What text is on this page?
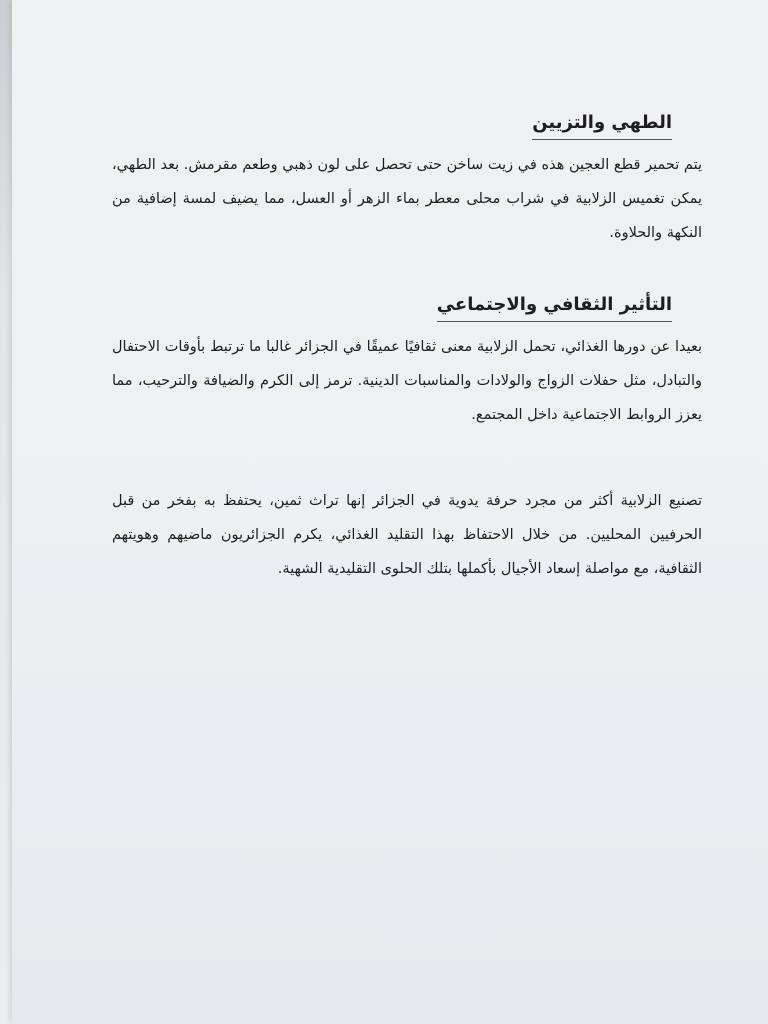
الطهي والتزيين

يتم تحمير قطع العجين هذه في زيت ساخن حتى تحصل على لون ذهبي وطعم مقرمش. بعد الطهي، يمكن تغميس الزلابية في شراب محلى معطر بماء الزهر أو العسل، مما يضيف لمسة إضافية من النكهة والحلاوة.

التأثير الثقافي والاجتماعي

بعيدا عن دورها الغذائي، تحمل الزلابية معنى ثقافيًا عميقًا في الجزائر غالبا ما ترتبط بأوقات الاحتفال والتبادل، مثل حفلات الزواج والولادات والمناسبات الدينية. ترمز إلى الكرم والضيافة والترحيب، مما يعزز الروابط الاجتماعية داخل المجتمع.

تصنيع الزلابية أكثر من مجرد حرفة يدوية في الجزائر إنها تراث ثمين، يحتفظ به بفخر من قبل الحرفيين المحليين. من خلال الاحتفاظ بهذا التقليد الغذائي، يكرم الجزائريون ماضيهم وهويتهم الثقافية، مع مواصلة إسعاد الأجيال بأكملها بتلك الحلوى التقليدية الشهية.
